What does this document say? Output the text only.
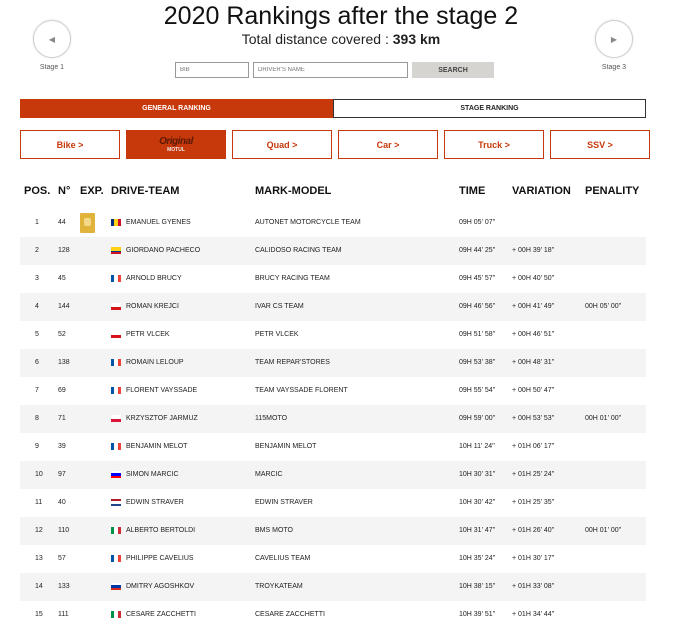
2020 Rankings after the stage 2
Total distance covered : 393 km
◀
Stage 1
▶
Stage 3
BIB
DRIVER'S NAME
SEARCH
GENERAL RANKING	STAGE RANKING
Bike >	Original
MOTUL	Quad >	Car >	Truck >	SSV >
POS. N° EXP. DRIVE-TEAM	MARK-MODEL	TIME VARIATION PENALITY
1	44	EMANUEL GYENES	AUTONET MOTORCYCLE TEAM	09H 05' 07''
2	128	GIORDANO PACHECO	CALIDOSO RACING TEAM	09H 44' 25'' + 00H 39' 18''
3	45	ARNOLD BRUCY	BRUCY RACING TEAM	09H 45' 57'' + 00H 40' 50''
4	144	ROMAN KREJCI	IVAR CS TEAM	09H 46' 56'' + 00H 41' 49''	00H 05' 00''
5	52	PETR VLCEK	PETR VLCEK	09H 51' 58'' + 00H 46' 51''
6	138	ROMAIN LELOUP	TEAM REPAR'STORES	09H 53' 38'' + 00H 48' 31''
7	69	FLORENT VAYSSADE	TEAM VAYSSADE FLORENT	09H 55' 54'' + 00H 50' 47''
8	71	KRZYSZTOF JARMUZ	115MOTO	09H 59' 00'' + 00H 53' 53''	00H 01' 00''
9	39	BENJAMIN MELOT	BENJAMIN MELOT	10H 11' 24'' + 01H 06' 17''
10 97	SIMON MARCIC	MARCIC	10H 30' 31'' + 01H 25' 24''
11 40	EDWIN STRAVER	EDWIN STRAVER	10H 30' 42'' + 01H 25' 35''
12 110	ALBERTO BERTOLDI	BMS MOTO	10H 31' 47'' + 01H 26' 40''	00H 01' 00''
13 57	PHILIPPE CAVELIUS	CAVELIUS TEAM	10H 35' 24'' + 01H 30' 17''
14 133	DMITRY AGOSHKOV	TROYKATEAM	10H 38' 15'' + 01H 33' 08''
15 111	CESARE ZACCHETTI	CESARE ZACCHETTI	10H 39' 51'' + 01H 34' 44''
